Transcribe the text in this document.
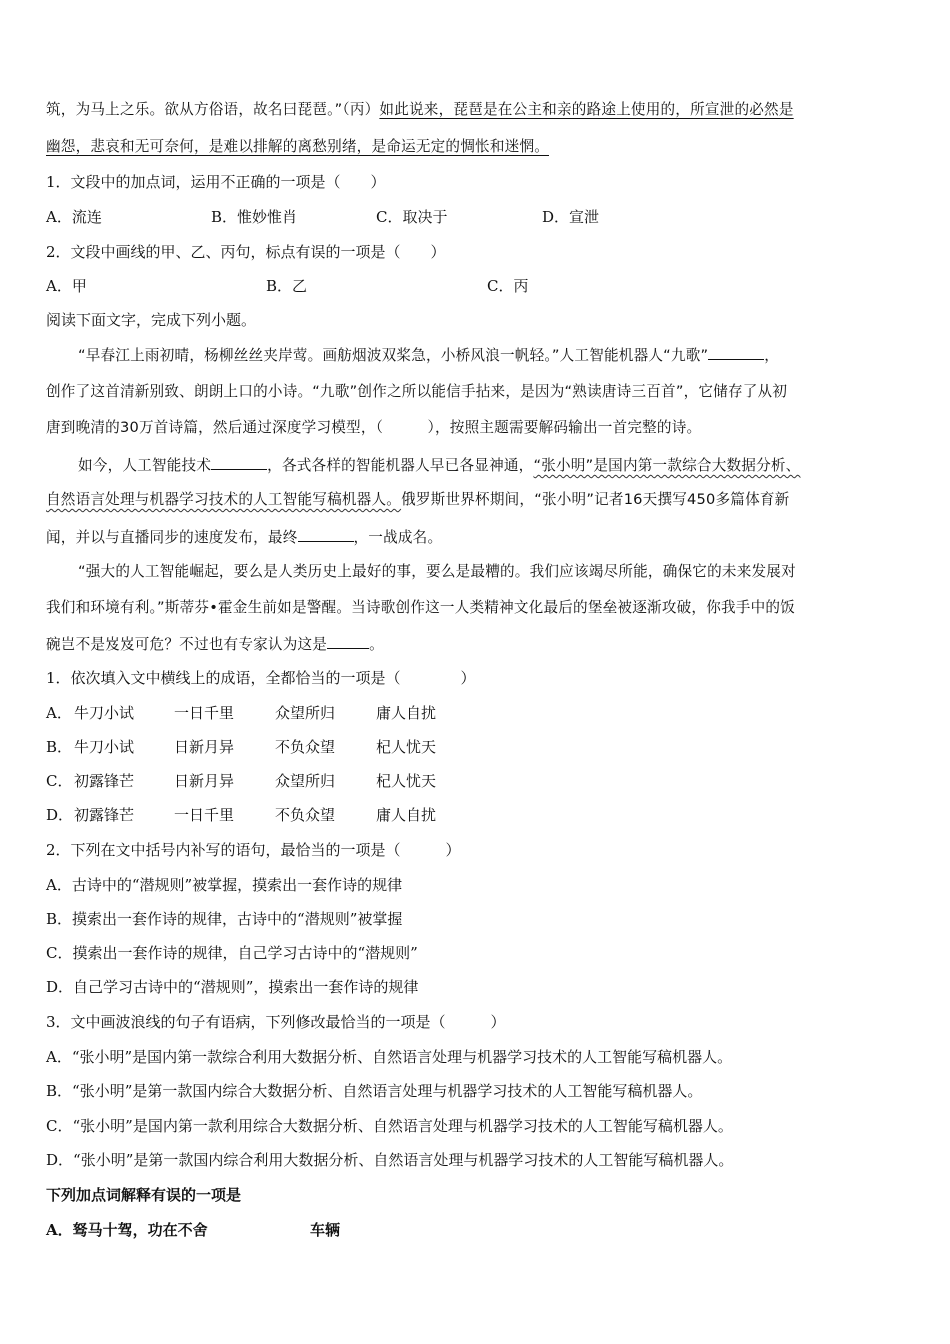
筑，为马上之乐。欲从方俗语，故名曰琵琶。”（丙）如此说来，琵琶是在公主和亲的路途上使用的，所宣泄的必然是
幽怨，悲哀和无可奈何，是难以排解的离愁别绪，是命运无定的惆怅和迷惘。
1．文段中的加点词，运用不正确的一项是（　　）
A．流连	B．惟妙惟肖	C．取决于	D．宣泄
2．文段中画线的甲、乙、丙句，标点有误的一项是（　　）
A．甲	B．乙	C．丙
阅读下面文字，完成下列小题。
“早春江上雨初晴，杨柳丝丝夹岸莺。画舫烟波双桨急，小桥风浪一帆轻。”人工智能机器人“九歌”	，
创作了这首清新别致、朗朗上口的小诗。“九歌”创作之所以能信手拈来，是因为“熟读唐诗三百首”，它储存了从初
唐到晚清的30万首诗篇，然后通过深度学习模型，（　　　），按照主题需要解码输出一首完整的诗。
如今，人工智能技术	，各式各样的智能机器人早已各显神通，“张小明”是国内第一款综合大数据分析、
自然语言处理与机器学习技术的人工智能写稿机器人。俄罗斯世界杯期间，“张小明”记者16天撰写450多篇体育新
闻，并以与直播同步的速度发布，最终	，一战成名。
“强大的人工智能崛起，要么是人类历史上最好的事，要么是最糟的。我们应该竭尽所能，确保它的未来发展对
我们和环境有利。”斯蒂芬•霍金生前如是警醒。当诗歌创作这一人类精神文化最后的堡垒被逐渐攻破，你我手中的饭
碗岂不是岌岌可危？不过也有专家认为这是	。
1．依次填入文中横线上的成语，全都恰当的一项是（　　　　）
A． 牛刀小试	一日千里	众望所归	庸人自扰
B． 牛刀小试	日新月异	不负众望	杞人忧天
C． 初露锋芒	日新月异	众望所归	杞人忧天
D． 初露锋芒	一日千里	不负众望	庸人自扰
2．下列在文中括号内补写的语句，最恰当的一项是（　　　）
A．古诗中的“潜规则”被掌握，摸索出一套作诗的规律
B．摸索出一套作诗的规律，古诗中的“潜规则”被掌握
C．摸索出一套作诗的规律，自己学习古诗中的“潜规则”
D．自己学习古诗中的“潜规则”，摸索出一套作诗的规律
3．文中画波浪线的句子有语病，下列修改最恰当的一项是（　　　）
A．“张小明”是国内第一款综合利用大数据分析、自然语言处理与机器学习技术的人工智能写稿机器人。
B．“张小明”是第一款国内综合大数据分析、自然语言处理与机器学习技术的人工智能写稿机器人。
C．“张小明”是国内第一款利用综合大数据分析、自然语言处理与机器学习技术的人工智能写稿机器人。
D．“张小明”是第一款国内综合利用大数据分析、自然语言处理与机器学习技术的人工智能写稿机器人。
下列加点词解释有误的一项是
A．驽马十驾，功在不舍	车辆
